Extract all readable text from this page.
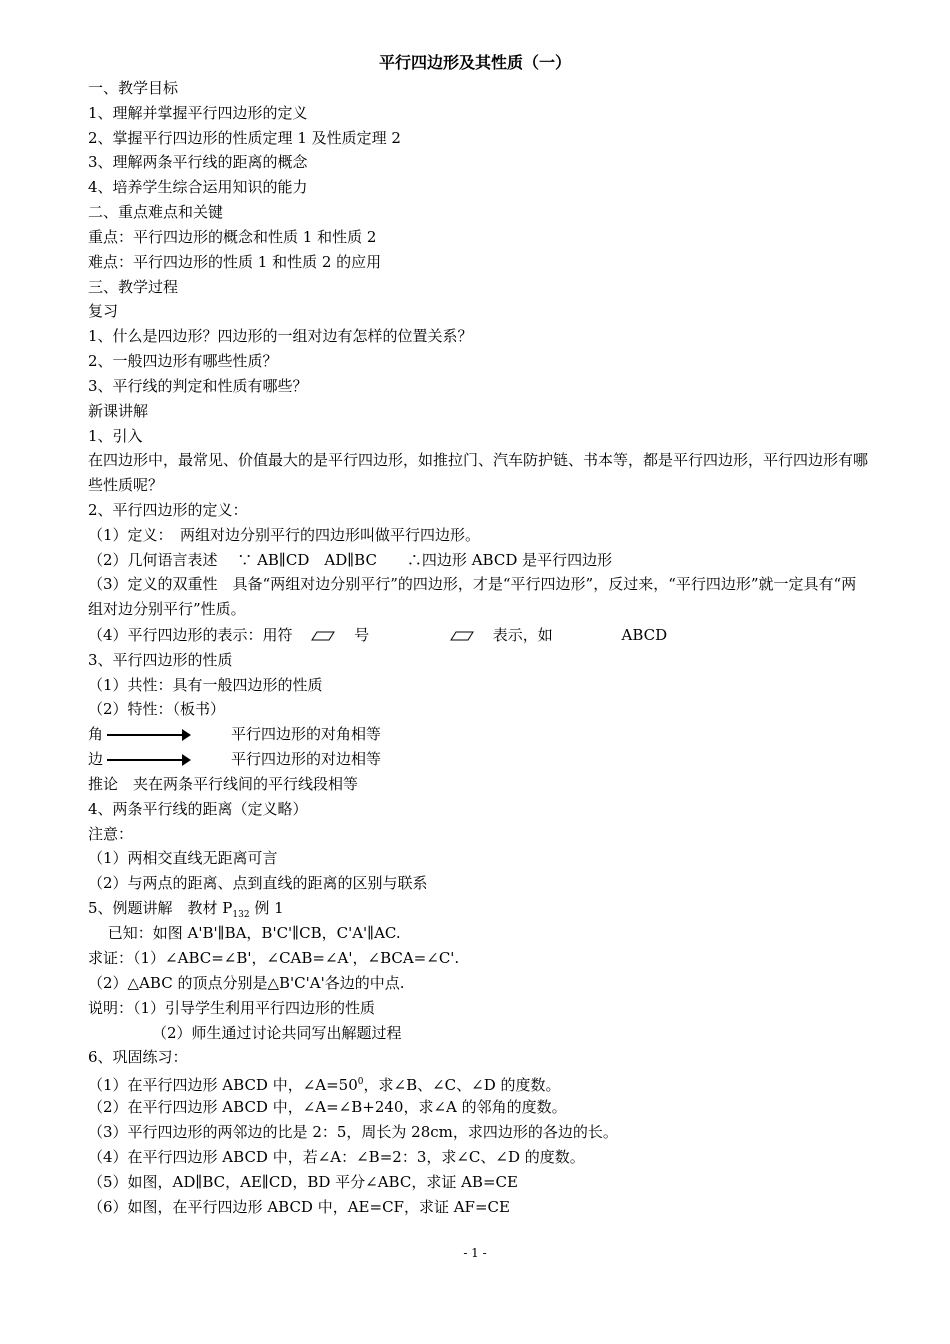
平行四边形及其性质（一）
一、教学目标
1、理解并掌握平行四边形的定义
2、掌握平行四边形的性质定理 1 及性质定理 2
3、理解两条平行线的距离的概念
4、培养学生综合运用知识的能力
二、重点难点和关键
重点：平行四边形的概念和性质 1 和性质 2
难点：平行四边形的性质 1 和性质 2 的应用
三、教学过程
复习
1、什么是四边形？四边形的一组对边有怎样的位置关系？
2、一般四边形有哪些性质？
3、平行线的判定和性质有哪些？
新课讲解
1、引入
在四边形中，最常见、价值最大的是平行四边形，如推拉门、汽车防护链、书本等，都是平行四边形，平行四边形有哪些性质呢？
2、平行四边形的定义：
（1）定义：　两组对边分别平行的四边形叫做平行四边形。
（2）几何语言表述　 ∵ AB∥CD　AD∥BC　　∴四边形 ABCD 是平行四边形
（3）定义的双重性　具备“两组对边分别平行”的四边形，才是“平行四边形”，反过来，“平行四边形”就一定具有“两组对边分别平行”性质。
（4）平行四边形的表示：用符	号	表示，如	ABCD
3、平行四边形的性质
（1）共性：具有一般四边形的性质
（2）特性：（板书）
角	平行四边形的对角相等
边	平行四边形的对边相等
推论　夹在两条平行线间的平行线段相等
4、两条平行线的距离（定义略）
注意：
（1）两相交直线无距离可言
（2）与两点的距离、点到直线的距离的区别与联系
5、例题讲解　教材 $P_{132}$ 例 1
　 已知：如图 A'B'∥BA，B'C'∥CB，C'A'∥AC.
求证：（1）∠ABC=∠B'，∠CAB=∠A'，∠BCA=∠C'.
（2）△ABC 的顶点分别是△B'C'A'各边的中点.
说明：（1）引导学生利用平行四边形的性质
（2）师生通过讨论共同写出解题过程
6、巩固练习：
（1）在平行四边形 ABCD 中，$\angle A=50^0$，求∠B、∠C、∠D 的度数。
（2）在平行四边形 ABCD 中，∠A=∠B+240，求∠A 的邻角的度数。
（3）平行四边形的两邻边的比是 2：5，周长为 28cm，求四边形的各边的长。
（4）在平行四边形 ABCD 中，若∠A：∠B=2：3，求∠C、∠D 的度数。
（5）如图，AD∥BC，AE∥CD，BD 平分∠ABC，求证 AB=CE
（6）如图，在平行四边形 ABCD 中，AE=CF，求证 AF=CE
- 1 -
